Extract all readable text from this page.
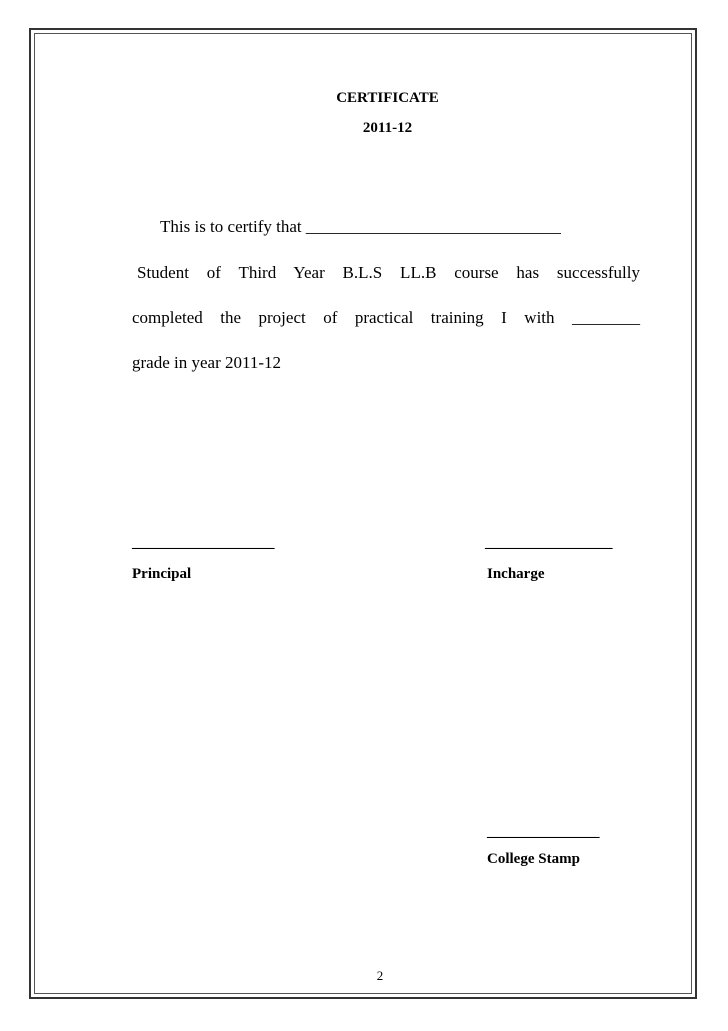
CERTIFICATE
2011-12
This is to certify that ______________________________
Student of Third Year B.L.S LL.B course has successfully
completed the project of practical training I with ________
grade in year 2011-12
___________________	_________________
Principal	Incharge
_______________
College Stamp
2
